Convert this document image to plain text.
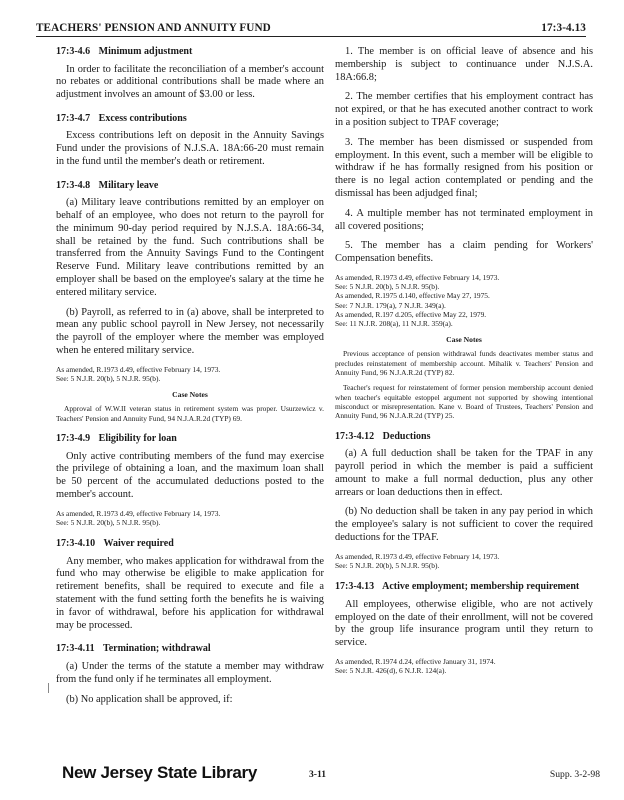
TEACHERS' PENSION AND ANNUITY FUND	17:3-4.13
17:3-4.6 Minimum adjustment

In order to facilitate the reconciliation of a member's account no rebates or additional contributions shall be made where an adjustment involves an amount of $3.00 or less.

17:3-4.7 Excess contributions

Excess contributions left on deposit in the Annuity Savings Fund under the provisions of N.J.S.A. 18A:66-20 must remain in the fund until the member's death or retirement.

17:3-4.8 Military leave

(a) Military leave contributions remitted by an employer on behalf of an employee, who does not return to the payroll for the minimum 90-day period required by N.J.S.A. 18A:66-34, shall be retained by the fund. Such contributions shall be transferred from the Annuity Savings Fund to the Contingent Reserve Fund. Military leave contributions remitted by an employer shall be based on the employee's salary at the time he entered military service.

(b) Payroll, as referred to in (a) above, shall be interpreted to mean any public school payroll in New Jersey, not necessarily the payroll of the employer where the member was employed when he entered military service.

As amended, R.1973 d.49, effective February 14, 1973.
See: 5 N.J.R. 20(b), 5 N.J.R. 95(b).
Case Notes

Approval of W.W.II veteran status in retirement system was proper. Usurzewicz v. Teachers' Pension and Annuity Fund, 94 N.J.A.R.2d (TYP) 69.

17:3-4.9 Eligibility for loan

Only active contributing members of the fund may exercise the privilege of obtaining a loan, and the maximum loan shall be 50 percent of the accumulated deductions posted to the member's account.

As amended, R.1973 d.49, effective February 14, 1973.
See: 5 N.J.R. 20(b), 5 N.J.R. 95(b).
17:3-4.10 Waiver required

Any member, who makes application for withdrawal from the fund who may otherwise be eligible to make application for retirement benefits, shall be required to execute and file a statement with the fund setting forth the benefits he is waiving in favor of withdrawal, before his application for withdrawal may be processed.

17:3-4.11 Termination; withdrawal

(a) Under the terms of the statute a member may withdraw from the fund only if he terminates all employment.

(b) No application shall be approved, if:

1. The member is on official leave of absence and his membership is subject to continuance under N.J.S.A. 18A:66.8;

2. The member certifies that his employment contract has not expired, or that he has executed another contract to work in a position subject to TPAF coverage;

3. The member has been dismissed or suspended from employment. In this event, such a member will be eligible to withdraw if he has formally resigned from his position or there is no legal action contemplated or pending and the dismissal has been adjudged final;

4. A multiple member has not terminated employment in all covered positions;

5. The member has a claim pending for Workers' Compensation benefits.

As amended, R.1973 d.49, effective February 14, 1973.
See: 5 N.J.R. 20(b), 5 N.J.R. 95(b).
As amended, R.1975 d.140, effective May 27, 1975.
See: 7 N.J.R. 179(a), 7 N.J.R. 349(a).
As amended, R.197 d.205, effective May 22, 1979.
See: 11 N.J.R. 208(a), 11 N.J.R. 359(a).
Case Notes

Previous acceptance of pension withdrawal funds deactivates member status and precludes reinstatement of membership account. Mihalik v. Teachers' Pension and Annuity Fund, 96 N.J.A.R.2d (TYP) 82.

Teacher's request for reinstatement of former pension membership account denied when teacher's equitable estoppel argument not supported by showing intentional misconduct or misrepresentation. Kane v. Board of Trustees, Teachers' Pension and Annuity Fund, 96 N.J.A.R.2d (TYP) 25.

17:3-4.12 Deductions

(a) A full deduction shall be taken for the TPAF in any payroll period in which the member is paid a sufficient amount to make a full normal deduction, plus any other arrears or loan deductions then in effect.

(b) No deduction shall be taken in any pay period in which the employee's salary is not sufficient to cover the required deductions for the TPAF.

As amended, R.1973 d.49, effective February 14, 1973.
See: 5 N.J.R. 20(b), 5 N.J.R. 95(b).
17:3-4.13 Active employment; membership requirement

All employees, otherwise eligible, who are not actively employed on the date of their enrollment, will not be covered by the group life insurance program until they return to service.

As amended, R.1974 d.24, effective January 31, 1974.
See: 5 N.J.R. 426(d), 6 N.J.R. 124(a).
New Jersey State Library	3-11	Supp. 3-2-98
